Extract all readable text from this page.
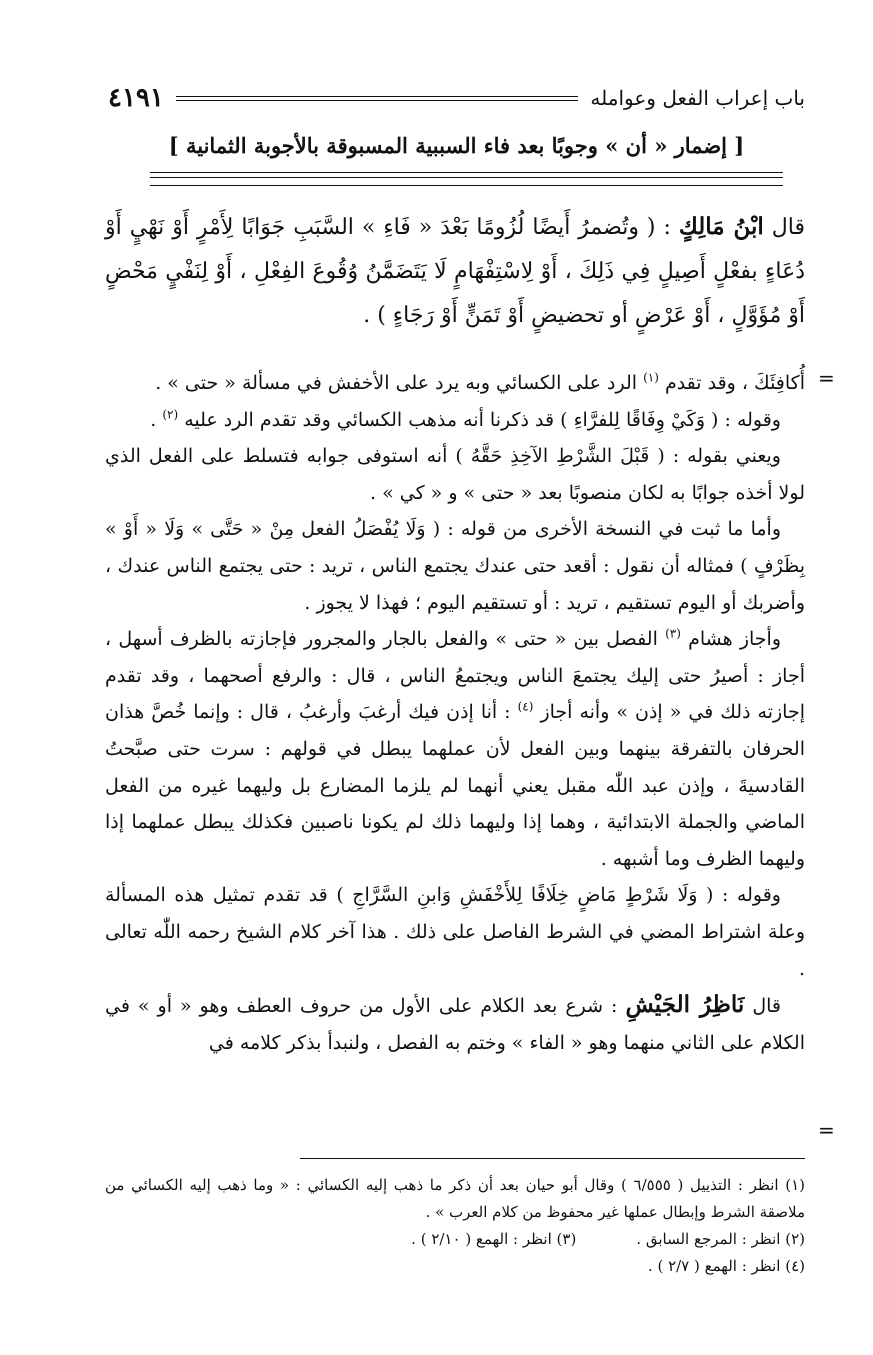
باب إعراب الفعل وعوامله
٤١٩١
[ إضمار « أن » وجوبًا بعد فاء السببية المسبوقة بالأجوبة الثمانية ]
قال ابْنُ مَالِكٍ : ( وتُضمرُ أَيضًا لُزُومًا بَعْدَ « فَاءِ » السَّبَبِ جَوَابًا لِأَمْرٍ أَوْ نَهْيٍ أَوْ دُعَاءٍ بفعْلٍ أَصِيلٍ فِي ذَلِكَ ، أَوْ لِاسْتِفْهَامٍ لَا يَتَضَمَّنُ وُقُوعَ الفِعْلِ ، أَوْ لِنَفْيٍ مَحْضٍ أَوْ مُؤَوَّلٍ ، أَوْ عَرْضٍ أو تحضيضٍ أَوْ تَمَنٍّ أَوْ رَجَاءٍ ) .
=

أُكافِئَكَ ، وقد تقدم $^{(١)}$ الرد على الكسائي وبه يرد على الأخفش في مسألة « حتى » .

وقوله : ( وَكَيْ وِفَاقًا لِلفرَّاءِ ) قد ذكرنا أنه مذهب الكسائي وقد تقدم الرد عليه $^{(٢)}$ .

ويعني بقوله : ( قَبْلَ الشَّرْطِ الآخِذِ حَقَّهُ ) أنه استوفى جوابه فتسلط على الفعل الذي لولا أخذه جوابًا به لكان منصوبًا بعد « حتى » و « كي » .

وأما ما ثبت في النسخة الأخرى من قوله : ( وَلَا يُفْصَلُ الفعل مِنْ « حَتَّى » وَلَا « أَوْ » بِظَرْفٍ ) فمثاله أن نقول : أقعد حتى عندك يجتمع الناس ، تريد : حتى يجتمع الناس عندك ، وأضربك أو اليوم تستقيم ، تريد : أو تستقيم اليوم ؛ فهذا لا يجوز .

وأجاز هشام $^{(٣)}$ الفصل بين « حتى » والفعل بالجار والمجرور فإجازته بالظرف أسهل ، أجاز : أصيرُ حتى إليك يجتمعَ الناس ويجتمعُ الناس ، قال : والرفع أصحهما ، وقد تقدم إجازته ذلك في « إذن » وأنه أجاز $^{(٤)}$ : أنا إذن فيك أرغبَ وأرغبُ ، قال : وإنما خُصَّ هذان الحرفان بالتفرقة بينهما وبين الفعل لأن عملهما يبطل في قولهم : سرت حتى صبَّحتُ القادسيةَ ، وإذن عبد اللّٰه مقبل يعني أنهما لم يلزما المضارع بل وليهما غيره من الفعل الماضي والجملة الابتدائية ، وهما إذا وليهما ذلك لم يكونا ناصبين فكذلك يبطل عملهما إذا وليهما الظرف وما أشبهه .

وقوله : ( وَلَا شَرْطٍ مَاضٍ خِلَافًا لِلأَخْفَشِ وَابنِ السَّرَّاجِ ) قد تقدم تمثيل هذه المسألة وعلة اشتراط المضي في الشرط الفاصل على ذلك . هذا آخر كلام الشيخ رحمه اللّٰه تعالى .

قال نَاظِرُ الجَيْشِ : شرع بعد الكلام على الأول من حروف العطف وهو « أو » في الكلام على الثاني منهما وهو « الفاء » وختم به الفصل ، ولنبدأ بذكر كلامه في

=

(١) انظر : التذييل ( ٦/٥٥٥ ) وقال أبو حيان بعد أن ذكر ما ذهب إليه الكسائي : « وما ذهب إليه الكسائي من ملاصقة الشرط وإبطال عملها غير محفوظ من كلام العرب » .

(٢) انظر : المرجع السابق .
(٣) انظر : الهمع ( ٢/١٠ ) .

(٤) انظر : الهمع ( ٢/٧ ) .
